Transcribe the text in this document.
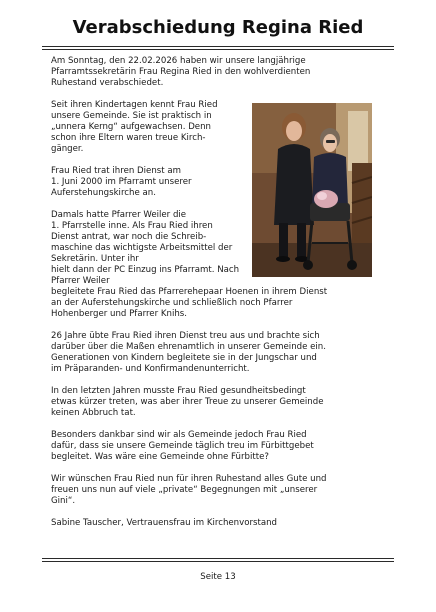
Verabschiedung Regina Ried

Am Sonntag, den 22.02.2026 haben wir unsere langjährige
Pfarramtssekretärin Frau Regina Ried in den wohlverdienten
Ruhestand verabschiedet.

Seit ihren Kindertagen kennt Frau Ried
unsere Gemeinde. Sie ist praktisch in
„unnera Kerng“ aufgewachsen. Denn
schon ihre Eltern waren treue Kirch-
gänger.

Frau Ried trat ihren Dienst am
1. Juni 2000 im Pfarramt unserer
Auferstehungskirche an.

Damals hatte Pfarrer Weiler die
1. Pfarrstelle inne. Als Frau Ried ihren
Dienst antrat, war noch die Schreib-
maschine das wichtigste Arbeitsmittel der Sekretärin. Unter ihr
hielt dann der PC Einzug ins Pfarramt. Nach Pfarrer Weiler
begleitete Frau Ried das Pfarrerehepaar Hoenen in ihrem Dienst
an der Auferstehungskirche und schließlich noch Pfarrer
Hohenberger und Pfarrer Knihs.

26 Jahre übte Frau Ried ihren Dienst treu aus und brachte sich
darüber über die Maßen ehrenamtlich in unserer Gemeinde ein.
Generationen von Kindern begleitete sie in der Jungschar und
im Präparanden- und Konfirmandenunterricht.

In den letzten Jahren musste Frau Ried gesundheitsbedingt
etwas kürzer treten, was aber ihrer Treue zu unserer Gemeinde
keinen Abbruch tat.

Besonders dankbar sind wir als Gemeinde jedoch Frau Ried
dafür, dass sie unsere Gemeinde täglich treu im Fürbittgebet
begleitet. Was wäre eine Gemeinde ohne Fürbitte?

Wir wünschen Frau Ried nun für ihren Ruhestand alles Gute und
freuen uns nun auf viele „private“ Begegnungen mit „unserer
Gini“.

Sabine Tauscher, Vertrauensfrau im Kirchenvorstand

Seite 13
